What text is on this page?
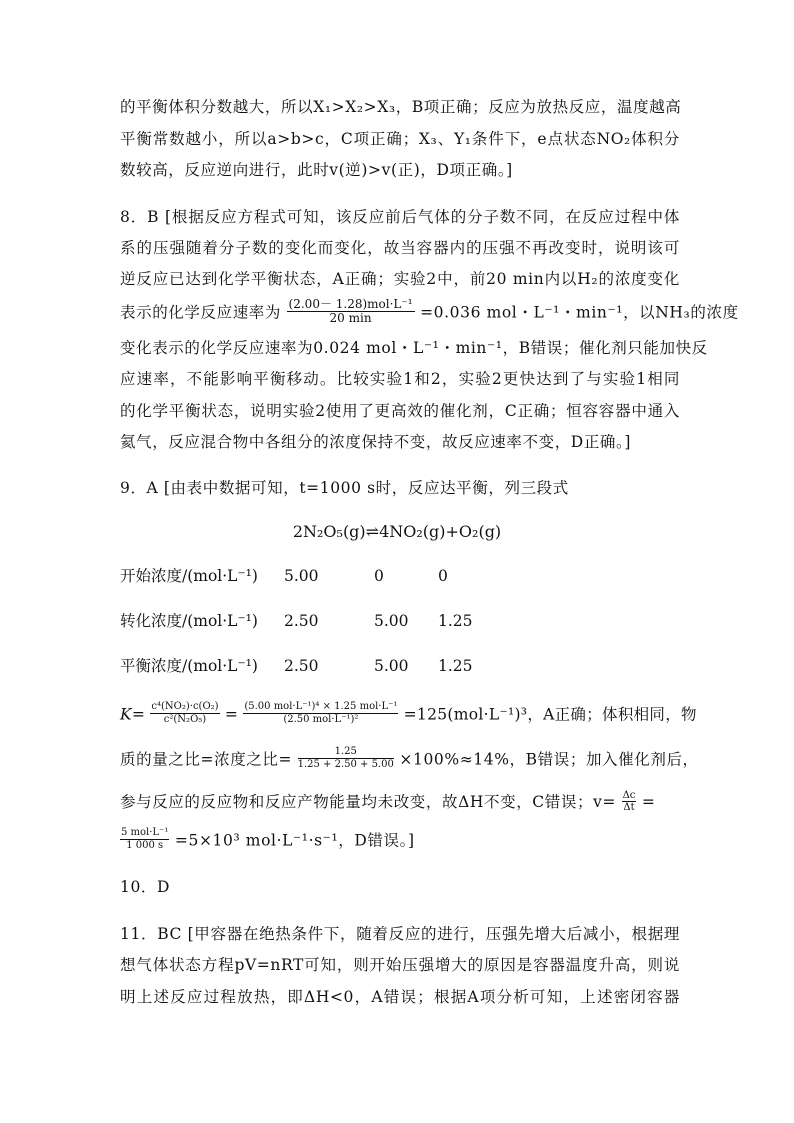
的平衡体积分数越大，所以X₁>X₂>X₃，B项正确；反应为放热反应，温度越高
平衡常数越小，所以a>b>c，C项正确；X₃、Y₁条件下，e点状态NO₂体积分
数较高，反应逆向进行，此时v(逆)>v(正)，D项正确。]
8．B [根据反应方程式可知，该反应前后气体的分子数不同，在反应过程中体
系的压强随着分子数的变化而变化，故当容器内的压强不再改变时，说明该可
逆反应已达到化学平衡状态，A正确；实验2中，前20 min内以H₂的浓度变化
表示的化学反应速率为 (2.00－ 1.28)mol·L⁻¹
20 min	=0.036 mol・L⁻¹・min⁻¹，以NH₃的浓度
变化表示的化学反应速率为0.024 mol・L⁻¹・min⁻¹，B错误；催化剂只能加快反
应速率，不能影响平衡移动。比较实验1和2，实验2更快达到了与实验1相同
的化学平衡状态，说明实验2使用了更高效的催化剂，C正确；恒容容器中通入
氦气，反应混合物中各组分的浓度保持不变，故反应速率不变，D正确。]
9．A [由表中数据可知，t=1000 s时，反应达平衡，列三段式
2N₂O₅(g)⇌4NO₂(g)+O₂(g)
开始浓度/(mol·L⁻¹) 5.00	0	0
转化浓度/(mol·L⁻¹) 2.50	5.00 1.25
平衡浓度/(mol·L⁻¹) 2.50	5.00 1.25
$K= \frac{\text{c⁴(NO₂)·c(O₂)}}{\text{c²(N₂O₅)}} = (5.00$ mol·L⁻¹)⁴ × 1.25 mol·L⁻¹
(2.50 mol·L⁻¹)²	=125(mol·L⁻¹)³，A正确；体积相同，物
质的量之比=浓度之比= $\frac{1.25}{1.25 + 2.50 + 5.00} \times 100\%\approx 14\%$，B错误；加入催化剂后，
参与反应的反应物和反应产物能量均未改变，故ΔH不变，C错误；$v= \frac{\Delta c}{\Delta t}$ =
5 mol·L⁻¹
1 000 s =5×10³ mol·L⁻¹·s⁻¹，D错误。]
10．D
11．BC [甲容器在绝热条件下，随着反应的进行，压强先增大后减小，根据理
想气体状态方程pV=nRT可知，则开始压强增大的原因是容器温度升高，则说
明上述反应过程放热，即ΔH<0，A错误；根据A项分析可知，上述密闭容器
